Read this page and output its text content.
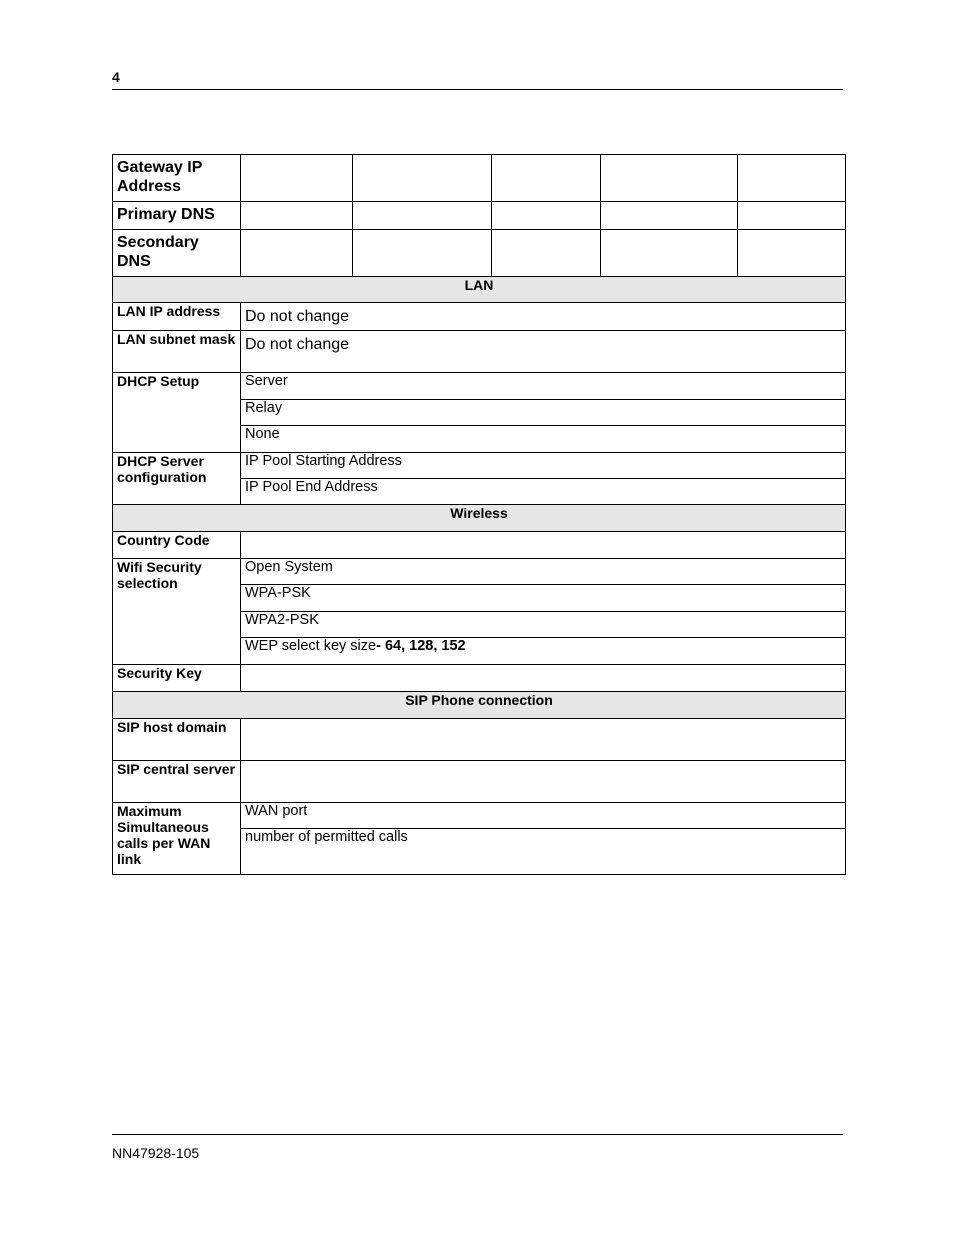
4
Gateway IP Address					
Primary DNS					
Secondary DNS					
LAN					
LAN IP address	Do not change				
LAN subnet mask	Do not change				
DHCP Setup	Server				
	Relay				
	None				
DHCP Server configuration	IP Pool Starting Address				
	IP Pool End Address				
Wireless					
Country Code					
Wifi Security selection	Open System				
	WPA-PSK				
	WPA2-PSK				
	WEP select key size- 64, 128, 152				
Security Key					
SIP Phone connection					
SIP host domain					
SIP central server					
Maximum Simultaneous calls per WAN link	WAN port				
	number of permitted calls				
NN47928-105
